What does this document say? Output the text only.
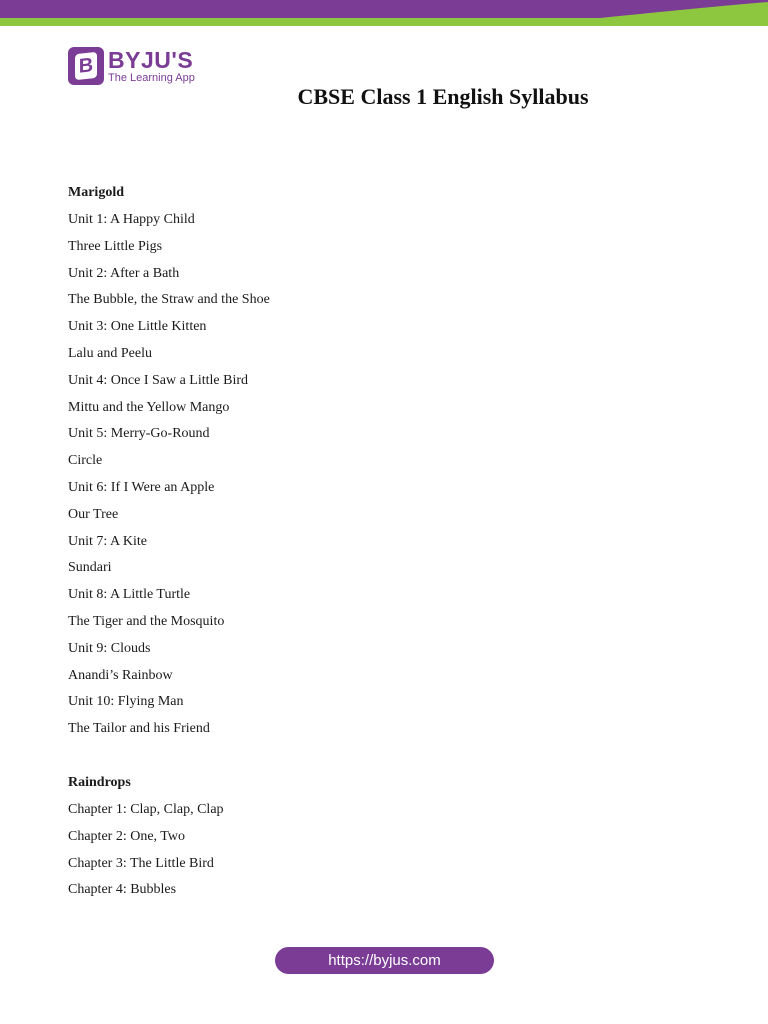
B BYJU'S
The Learning App
CBSE Class 1 English Syllabus

Marigold

Unit 1: A Happy Child

Three Little Pigs

Unit 2: After a Bath

The Bubble, the Straw and the Shoe

Unit 3: One Little Kitten

Lalu and Peelu

Unit 4: Once I Saw a Little Bird

Mittu and the Yellow Mango

Unit 5: Merry-Go-Round

Circle

Unit 6: If I Were an Apple

Our Tree

Unit 7: A Kite

Sundari

Unit 8: A Little Turtle

The Tiger and the Mosquito

Unit 9: Clouds

Anandi’s Rainbow

Unit 10: Flying Man

The Tailor and his Friend

Raindrops

Chapter 1: Clap, Clap, Clap

Chapter 2: One, Two

Chapter 3: The Little Bird

Chapter 4: Bubbles

https://byjus.com
